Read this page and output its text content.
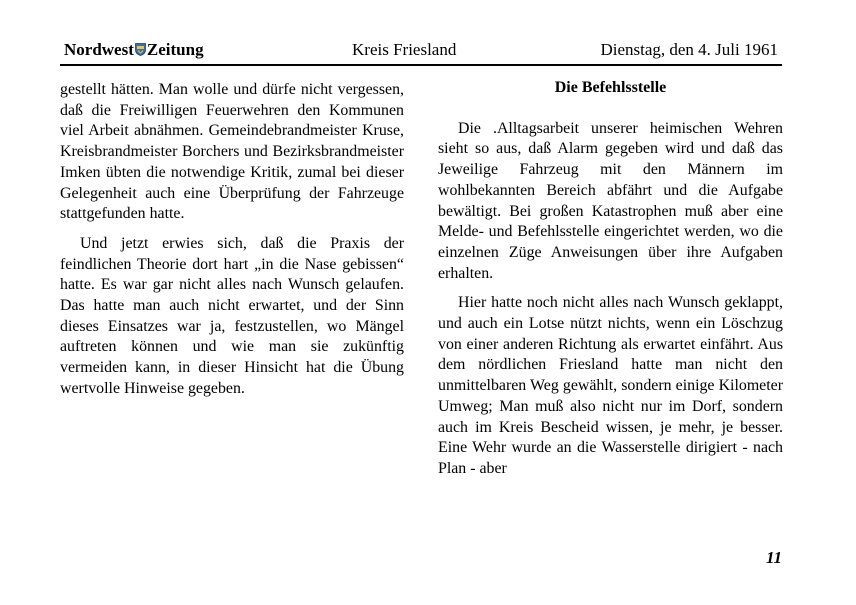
Nordwest Zeitung	Kreis Friesland	Dienstag, den 4. Juli 1961

gestellt hätten. Man wolle und dürfe nicht vergessen, daß die Freiwilligen Feuerwehren den Kommunen viel Arbeit abnähmen. Gemeindebrandmeister Kruse, Kreisbrandmeister Borchers und Bezirksbrandmeister Imken übten die notwendige Kritik, zumal bei dieser Gelegenheit auch eine Überprüfung der Fahrzeuge stattgefunden hatte.

Und jetzt erwies sich, daß die Praxis der feindlichen Theorie dort hart „in die Nase gebissen“ hatte. Es war gar nicht alles nach Wunsch gelaufen. Das hatte man auch nicht erwartet, und der Sinn dieses Einsatzes war ja, festzustellen, wo Mängel auftreten können und wie man sie zukünftig vermeiden kann, in dieser Hinsicht hat die Übung wertvolle Hinweise gegeben.

Die Befehlsstelle

Die .Alltagsarbeit unserer heimischen Wehren sieht so aus, daß Alarm gegeben wird und daß das Jeweilige Fahrzeug mit den Männern im wohlbekannten Bereich abfährt und die Aufgabe bewältigt. Bei großen Katastrophen muß aber eine Melde- und Befehlsstelle eingerichtet werden, wo die einzelnen Züge Anweisungen über ihre Aufgaben erhalten.

Hier hatte noch nicht alles nach Wunsch geklappt, und auch ein Lotse nützt nichts, wenn ein Löschzug von einer anderen Richtung als erwartet einfährt. Aus dem nördlichen Friesland hatte man nicht den unmittelbaren Weg gewählt, sondern einige Kilometer Umweg; Man muß also nicht nur im Dorf, sondern auch im Kreis Bescheid wissen, je mehr, je besser. Eine Wehr wurde an die Wasserstelle dirigiert - nach Plan - aber

11
